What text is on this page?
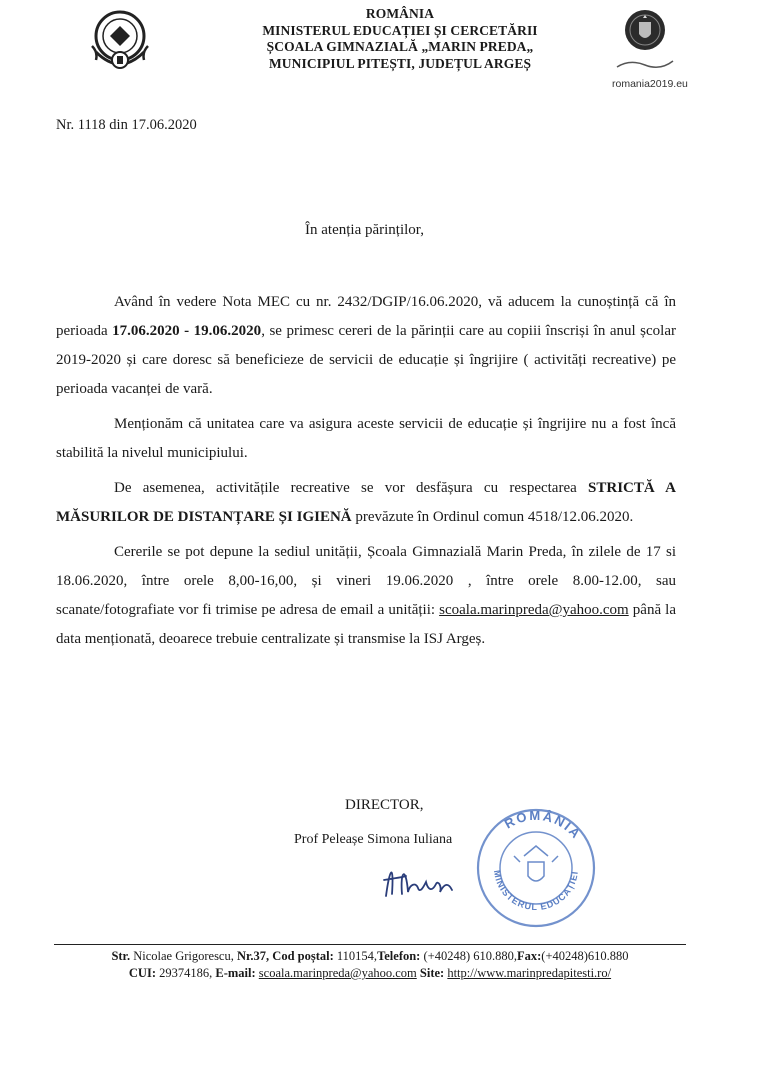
ROMÂNIA
MINISTERUL EDUCAȚIEI ȘI CERCETĂRII
ȘCOALA GIMNAZIALĂ „MARIN PREDA„
MUNICIPIUL PITEȘTI, JUDEȚUL ARGEȘ

romania2019.eu
Nr. 1118 din 17.06.2020
În atenția părinților,

Având în vedere Nota MEC cu nr. 2432/DGIP/16.06.2020, vă aducem la cunoștință că în perioada 17.06.2020 - 19.06.2020, se primesc cereri de la părinții care au copiii înscriși în anul școlar 2019-2020 și care doresc să beneficieze de servicii de educație și îngrijire ( activități recreative) pe perioada vacanței de vară.

Menționăm că unitatea care va asigura aceste servicii de educație și îngrijire nu a fost încă stabilită la nivelul municipiului.

De asemenea, activitățile recreative se vor desfășura cu respectarea STRICTĂ A MĂSURILOR DE DISTANȚARE ȘI IGIENĂ prevăzute în Ordinul comun 4518/12.06.2020.

Cererile se pot depune la sediul unității, Școala Gimnazială Marin Preda, în zilele de 17 si 18.06.2020, între orele 8,00-16,00, și vineri 19.06.2020 , între orele 8.00-12.00, sau scanate/fotografiate vor fi trimise pe adresa de email a unității: scoala.marinpreda@yahoo.com până la data menționată, deoarece trebuie centralizate și transmise la ISJ Argeș.

DIRECTOR,
Prof Peleașe Simona Iuliana
ROMÂNIA
MINISTERUL EDUCAȚIEI
Str. Nicolae Grigorescu, Nr.37, Cod poștal: 110154,Telefon: (+40248) 610.880,Fax:(+40248)610.880
CUI: 29374186, E-mail: scoala.marinpreda@yahoo.com Site: http://www.marinpredapitesti.ro/
